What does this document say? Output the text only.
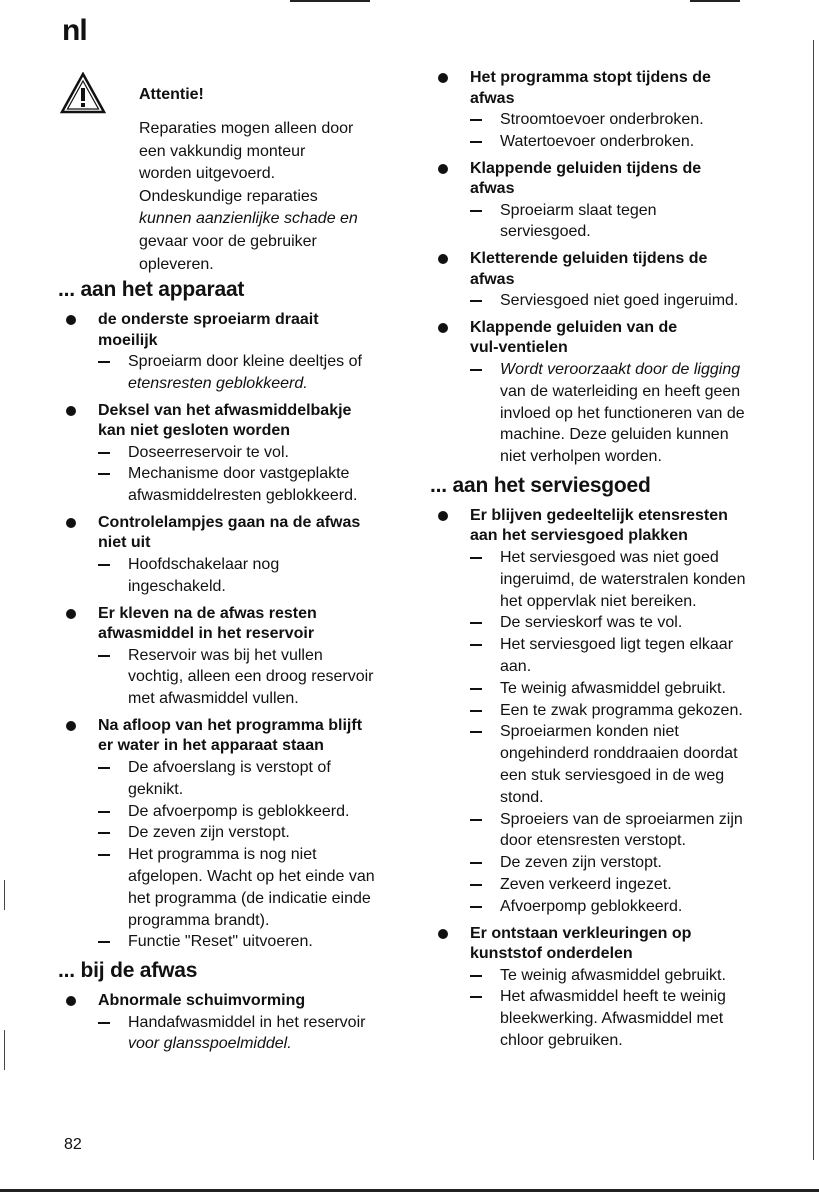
nl
Attentie!
Reparaties mogen alleen door
een vakkundig monteur
worden uitgevoerd.
Ondeskundige reparaties
kunnen aanzienlijke schade en
gevaar voor de gebruiker
opleveren.
... aan het apparaat
de onderste sproeiarm draait
moeilijk
Sproeiarm door kleine deeltjes of
etensresten geblokkeerd.
Deksel van het afwasmiddelbakje
kan niet gesloten worden
Doseerreservoir te vol.
Mechanisme door vastgeplakte
afwasmiddelresten geblokkeerd.
Controlelampjes gaan na de afwas
niet uit
Hoofdschakelaar nog
ingeschakeld.
Er kleven na de afwas resten
afwasmiddel in het reservoir
Reservoir was bij het vullen
vochtig, alleen een droog reservoir
met afwasmiddel vullen.
Na afloop van het programma blijft
er water in het apparaat staan
De afvoerslang is verstopt of
geknikt.
De afvoerpomp is geblokkeerd.
De zeven zijn verstopt.
Het programma is nog niet
afgelopen. Wacht op het einde van
het programma (de indicatie einde
programma brandt).
Functie "Reset" uitvoeren.
... bij de afwas
Abnormale schuimvorming
Handafwasmiddel in het reservoir
voor glansspoelmiddel.
Het programma stopt tijdens de
afwas
Stroomtoevoer onderbroken.
Watertoevoer onderbroken.
Klappende geluiden tijdens de
afwas
Sproeiarm slaat tegen
serviesgoed.
Kletterende geluiden tijdens de
afwas
Serviesgoed niet goed ingeruimd.
Klappende geluiden van de
vul-ventielen
Wordt veroorzaakt door de ligging
van de waterleiding en heeft geen
invloed op het functioneren van de
machine. Deze geluiden kunnen
niet verholpen worden.
... aan het serviesgoed
Er blijven gedeeltelijk etensresten
aan het serviesgoed plakken
Het serviesgoed was niet goed
ingeruimd, de waterstralen konden
het oppervlak niet bereiken.
De servieskorf was te vol.
Het serviesgoed ligt tegen elkaar
aan.
Te weinig afwasmiddel gebruikt.
Een te zwak programma gekozen.
Sproeiarmen konden niet
ongehinderd ronddraaien doordat
een stuk serviesgoed in de weg
stond.
Sproeiers van de sproeiarmen zijn
door etensresten verstopt.
De zeven zijn verstopt.
Zeven verkeerd ingezet.
Afvoerpomp geblokkeerd.
Er ontstaan verkleuringen op
kunststof onderdelen
Te weinig afwasmiddel gebruikt.
Het afwasmiddel heeft te weinig
bleekwerking. Afwasmiddel met
chloor gebruiken.
82
